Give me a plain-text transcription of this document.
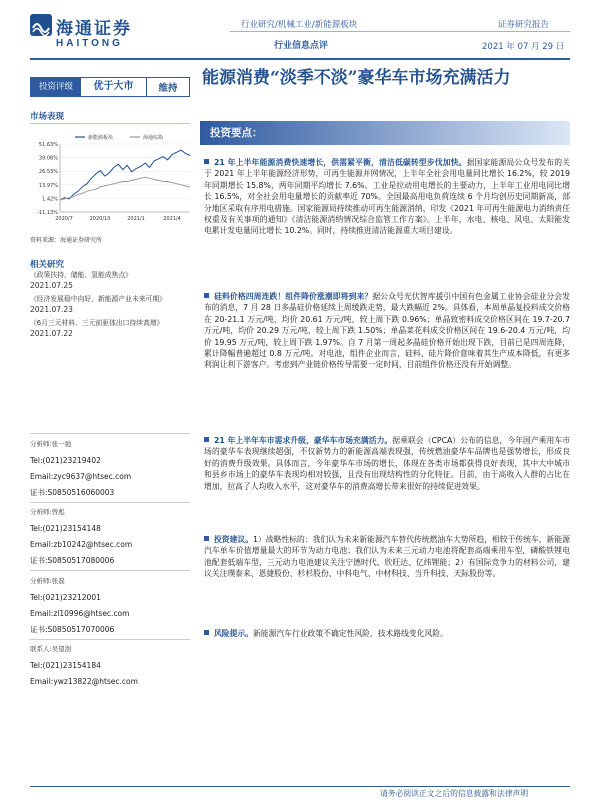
海通证券
HAITONG
行业研究/机械工业/新能源板块
行业信息点评
证券研究报告
2021 年 07 月 29 日
投资评级	优于大市	维持
能源消费“淡季不淡”豪华车市场充满活力
市场表现
51.63%
39.08%
26.53%
13.97%
1.42%
-11.13%
2020/7	2020/10	2021/1	2021/4
新能源板块	海通综指
资料来源：海通证券研究所
相关研究
《政策扶持，储能、氢能成焦点》
2021.07.25
《经济发展稳中向好，新能源产业未来可期》
2021.07.23
《6月三元材料、三元前驱体出口持续高增》
2021.07.22
分析师:张一弛
Tel:(021)23219402
Email:zyc9637@htsec.com
证书:S0850516060003
分析师:曾彪
Tel:(021)23154148
Email:zb10242@htsec.com
证书:S0850517080006
分析师:张磊
Tel:(021)23212001
Email:zl10996@htsec.com
证书:S0850517070006
联系人:吴望澍
Tel:(021)23154184
Email:ywz13822@htsec.com
投资要点：
21 年上半年能源消费快速增长，供需紧平衡，清洁低碳转型步伐加快。据国家能源局公众号发布的关于 2021 年上半年能源经济形势，可再生能源并网情况，上半年全社会用电量同比增长 16.2%，较 2019 年同期增长 15.8%，两年同期平均增长 7.6%。工业是拉动用电增长的主要动力，上半年工业用电同比增长 16.5%，对全社会用电量增长的贡献率近 70%。全国最高用电负荷连续 6 个月均创历史同期新高，部分地区采取有序用电措施。国家能源局持续推动可再生能源消纳，印发《2021 年可再生能源电力消纳责任权重及有关事项的通知》《清洁能源消纳情况综合监管工作方案》。上半年，水电、核电、风电、太阳能发电累计发电量同比增长 10.2%。同时，持续推进清洁能源重大项目建设。
硅料价格四周连跌！组件降价涨潮即将到来？据公众号光伏智库援引中国有色金属工业协会硅业分会发布的消息，7 月 28 日多晶硅价格延续上周缓跌走势，最大跌幅近 2%。具体看，本周单晶复投料成交价格在 20-21.1 万元/吨，均价 20.61 万元/吨，较上周下跌 0.96%；单晶致密料成交价格区间在 19.7-20.7 万元/吨，均价 20.29 万元/吨，较上周下跌 1.50%；单晶菜花料成交价格区间在 19.6-20.4 万元/吨，均价 19.95 万元/吨，较上周下跌 1.97%。自 7 月第一周起多晶硅价格开始出现下跌，目前已是四周连降，累计降幅普遍超过 0.8 万元/吨。对电池，组件企业而言，硅料、硅片降价意味着其生产成本降低，有更多利润让利下游客户。考虑到产业链价格传导需要一定时间，目前组件价格还没有开始调整。
21 年上半年车市需求升级，豪华车市场充满活力。据乘联会（CPCA）公布的信息，今年国产乘用车市场的豪华车表现继续超强，不仅新势力的新能源高端表现强，传统燃油豪华车品牌也是强势增长，形成良好的消费升级效果。具体而言，今年豪华车市场的增长，体现在各类市场都获得良好表现，其中大中城市和县乡市场上的豪华车表现均相对较强，且没有出现结构性的分化特征。目前，由于高收入人群的占比在增加，拉高了人均收入水平，这对豪华车的消费高增长带来很好的持续促进效果。
投资建议。1）战略性标的：我们认为未来新能源汽车替代传统燃油车大势所趋，相较于传统车，新能源汽车单车价值增量最大的环节为动力电池；我们认为未来三元动力电池将配套高端乘用车型，磷酸铁锂电池配套低端车型，三元动力电池建议关注宁德时代、欣旺达、亿纬锂能；2）有国际竞争力的材料公司，建议关注璞泰来、恩捷股份、杉杉股份、中科电气、中材科技、当升科技、天际股份等。
风险提示。新能源汽车行业政策不确定性风险，技术路线变化风险。
请务必阅读正文之后的信息披露和法律声明
